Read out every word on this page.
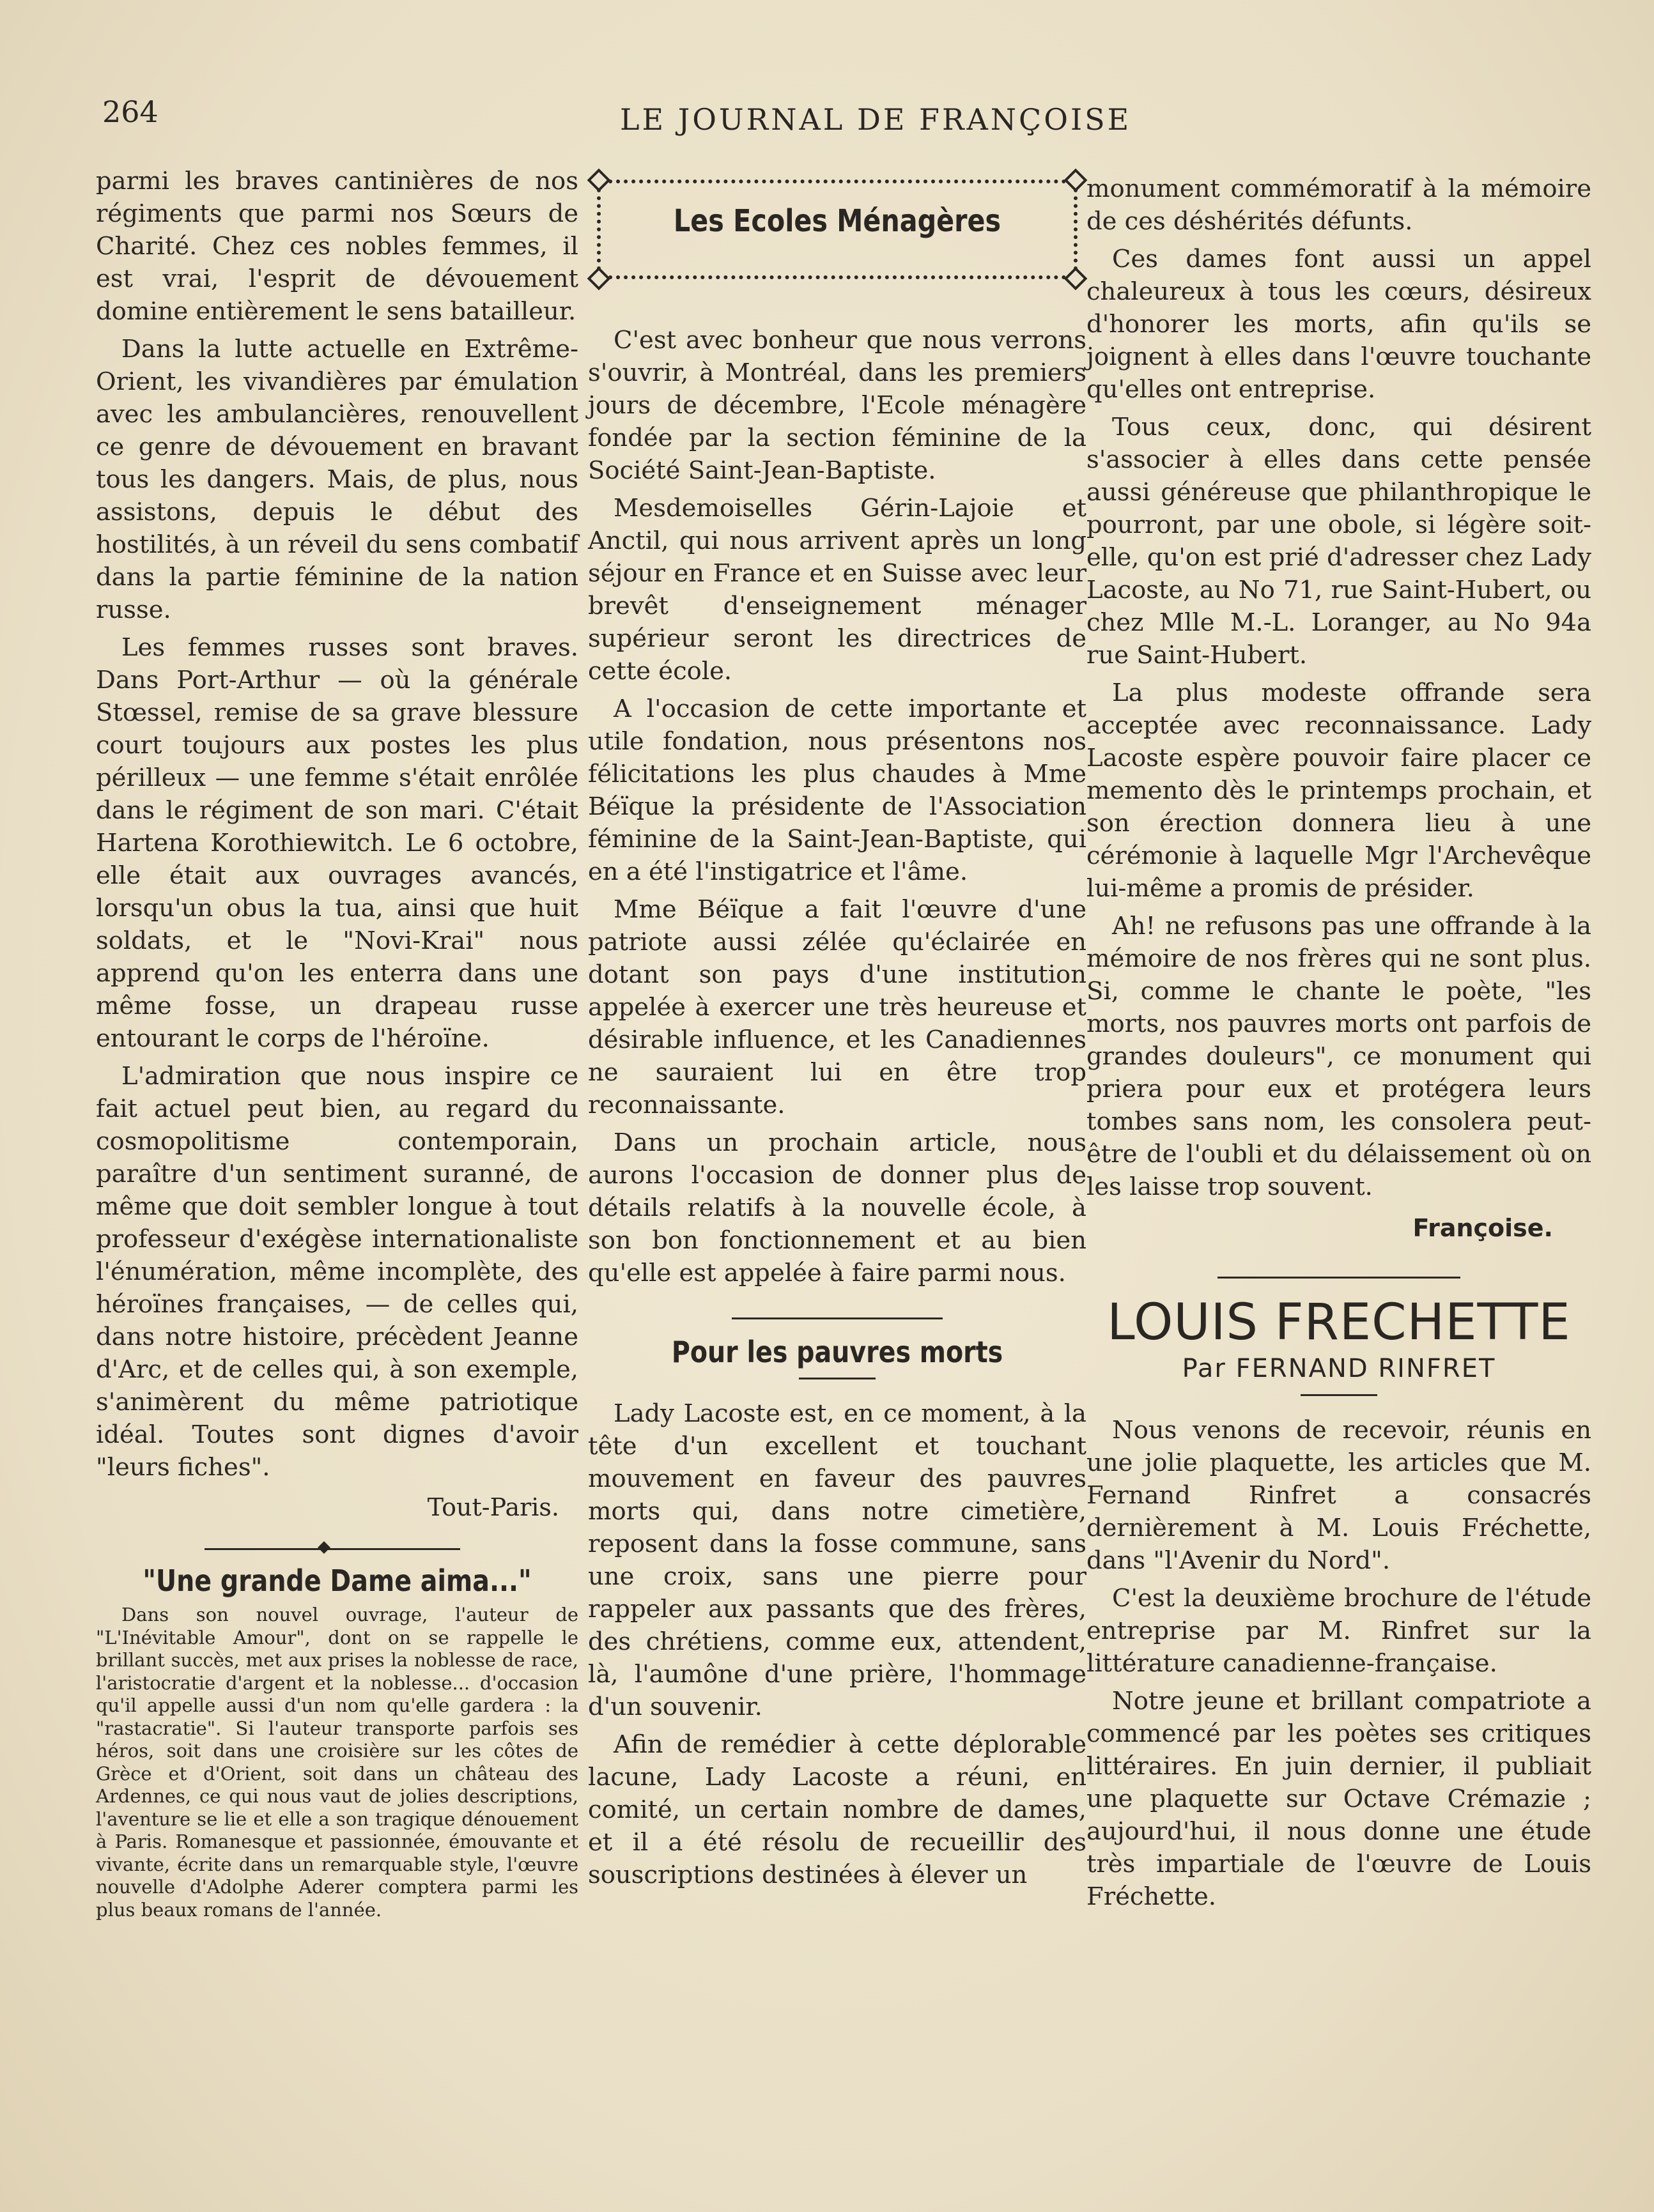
264	LE JOURNAL DE FRANÇOISE

parmi les braves cantinières de nos régiments que parmi nos Sœurs de Charité. Chez ces nobles femmes, il est vrai, l'esprit de dévouement domine entièrement le sens batailleur.

Dans la lutte actuelle en Extrême-Orient, les vivandières par émulation avec les ambulancières, renouvellent ce genre de dévouement en bravant tous les dangers. Mais, de plus, nous assistons, depuis le début des hostilités, à un réveil du sens combatif dans la partie féminine de la nation russe.

Les femmes russes sont braves. Dans Port-Arthur — où la générale Stœssel, remise de sa grave blessure court toujours aux postes les plus périlleux — une femme s'était enrôlée dans le régiment de son mari. C'était Hartena Korothiewitch. Le 6 octobre, elle était aux ouvrages avancés, lorsqu'un obus la tua, ainsi que huit soldats, et le "Novi-Krai" nous apprend qu'on les enterra dans une même fosse, un drapeau russe entourant le corps de l'héroïne.

L'admiration que nous inspire ce fait actuel peut bien, au regard du cosmopolitisme contemporain, paraître d'un sentiment suranné, de même que doit sembler longue à tout professeur d'exégèse internationaliste l'énumération, même incomplète, des héroïnes françaises, — de celles qui, dans notre histoire, précèdent Jeanne d'Arc, et de celles qui, à son exemple, s'animèrent du même patriotique idéal. Toutes sont dignes d'avoir "leurs fiches".

Tout-Paris.
"Une grande Dame aima..."

Dans son nouvel ouvrage, l'auteur de "L'Inévitable Amour", dont on se rappelle le brillant succès, met aux prises la noblesse de race, l'aristocratie d'argent et la noblesse... d'occasion qu'il appelle aussi d'un nom qu'elle gardera : la "rastacratie". Si l'auteur transporte parfois ses héros, soit dans une croisière sur les côtes de Grèce et d'Orient, soit dans un château des Ardennes, ce qui nous vaut de jolies descriptions, l'aventure se lie et elle a son tragique dénouement à Paris. Romanesque et passionnée, émouvante et vivante, écrite dans un remarquable style, l'œuvre nouvelle d'Adolphe Aderer comptera parmi les plus beaux romans de l'année.

Les Ecoles Ménagères

C'est avec bonheur que nous verrons s'ouvrir, à Montréal, dans les premiers jours de décembre, l'Ecole ménagère fondée par la section féminine de la Société Saint-Jean-Baptiste.

Mesdemoiselles Gérin-Lajoie et Anctil, qui nous arrivent après un long séjour en France et en Suisse avec leur brevêt d'enseignement ménager supérieur seront les directrices de cette école.

A l'occasion de cette importante et utile fondation, nous présentons nos félicitations les plus chaudes à Mme Béïque la présidente de l'Association féminine de la Saint-Jean-Baptiste, qui en a été l'instigatrice et l'âme.

Mme Béïque a fait l'œuvre d'une patriote aussi zélée qu'éclairée en dotant son pays d'une institution appelée à exercer une très heureuse et désirable influence, et les Canadiennes ne sauraient lui en être trop reconnaissante.

Dans un prochain article, nous aurons l'occasion de donner plus de détails relatifs à la nouvelle école, à son bon fonctionnement et au bien qu'elle est appelée à faire parmi nous.

Pour les pauvres morts

Lady Lacoste est, en ce moment, à la tête d'un excellent et touchant mouvement en faveur des pauvres morts qui, dans notre cimetière, reposent dans la fosse commune, sans une croix, sans une pierre pour rappeler aux passants que des frères, des chrétiens, comme eux, attendent, là, l'aumône d'une prière, l'hommage d'un souvenir.

Afin de remédier à cette déplorable lacune, Lady Lacoste a réuni, en comité, un certain nombre de dames, et il a été résolu de recueillir des souscriptions destinées à élever un

monument commémoratif à la mémoire de ces déshérités défunts.

Ces dames font aussi un appel chaleureux à tous les cœurs, désireux d'honorer les morts, afin qu'ils se joignent à elles dans l'œuvre touchante qu'elles ont entreprise.

Tous ceux, donc, qui désirent s'associer à elles dans cette pensée aussi généreuse que philanthropique le pourront, par une obole, si légère soit-elle, qu'on est prié d'adresser chez Lady Lacoste, au No 71, rue Saint-Hubert, ou chez Mlle M.-L. Loranger, au No 94a rue Saint-Hubert.

La plus modeste offrande sera acceptée avec reconnaissance. Lady Lacoste espère pouvoir faire placer ce memento dès le printemps prochain, et son érection donnera lieu à une cérémonie à laquelle Mgr l'Archevêque lui-même a promis de présider.

Ah! ne refusons pas une offrande à la mémoire de nos frères qui ne sont plus. Si, comme le chante le poète, "les morts, nos pauvres morts ont parfois de grandes douleurs", ce monument qui priera pour eux et protégera leurs tombes sans nom, les consolera peut-être de l'oubli et du délaissement où on les laisse trop souvent.

Françoise.
LOUIS FRECHETTE
Par FERNAND RINFRET

Nous venons de recevoir, réunis en une jolie plaquette, les articles que M. Fernand Rinfret a consacrés dernièrement à M. Louis Fréchette, dans "l'Avenir du Nord".

C'est la deuxième brochure de l'étude entreprise par M. Rinfret sur la littérature canadienne-française.

Notre jeune et brillant compatriote a commencé par les poètes ses critiques littéraires. En juin dernier, il publiait une plaquette sur Octave Crémazie ; aujourd'hui, il nous donne une étude très impartiale de l'œuvre de Louis Fréchette.
